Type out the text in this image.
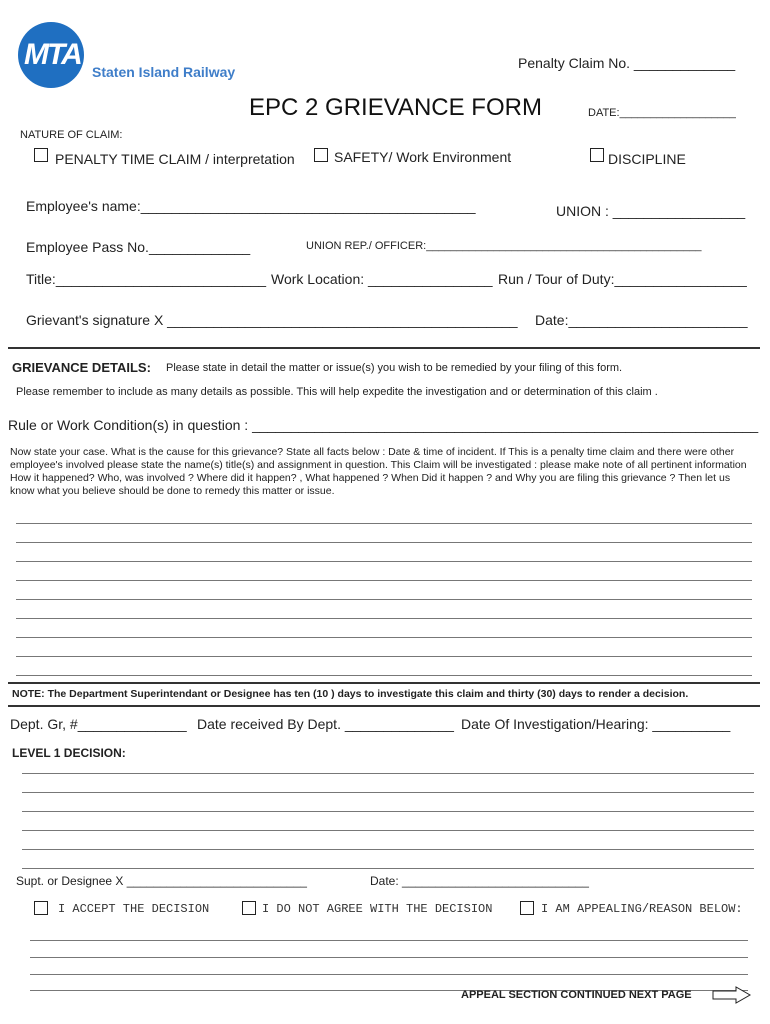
MTA
Staten Island Railway
Penalty Claim No. _____________
EPC 2 GRIEVANCE FORM	DATE:___________________
NATURE OF CLAIM:
PENALTY TIME CLAIM / interpretation	SAFETY/ Work Environment	DISCIPLINE
Employee's name:___________________________________________	UNION : _________________
Employee Pass No._____________	UNION REP./ OFFICER:_____________________________________________
Title:___________________________ Work Location: ________________ Run / Tour of Duty:_________________
Grievant's signature X _____________________________________________ Date:_______________________
GRIEVANCE DETAILS: Please state in detail the matter or issue(s) you wish to be remedied by your filing of this form.
Please remember to include as many details as possible. This will help expedite the investigation and or determination of this claim .
Rule or Work Condition(s) in question : _________________________________________________________________
Now state your case. What is the cause for this grievance? State all facts below : Date & time of incident. If This is a penalty time claim and there were other employee's involved please state the name(s) title(s) and assignment in question. This Claim will be investigated : please make note of all pertinent information How it happened? Who, was involved ? Where did it happen? , What happened ? When Did it happen ? and Why you are filing this grievance ? Then let us know what you believe should be done to remedy this matter or issue.
NOTE: The Department Superintendant or Designee has ten (10 ) days to investigate this claim and thirty (30) days to render a decision.
Dept. Gr, #______________ Date received By Dept. ______________ Date Of Investigation/Hearing: __________
LEVEL 1 DECISION:
Supt. or Designee X ___________________________	Date: ____________________________
I ACCEPT THE DECISION	I DO NOT AGREE WITH THE DECISION	I AM APPEALING/REASON BELOW:
APPEAL SECTION CONTINUED NEXT PAGE
